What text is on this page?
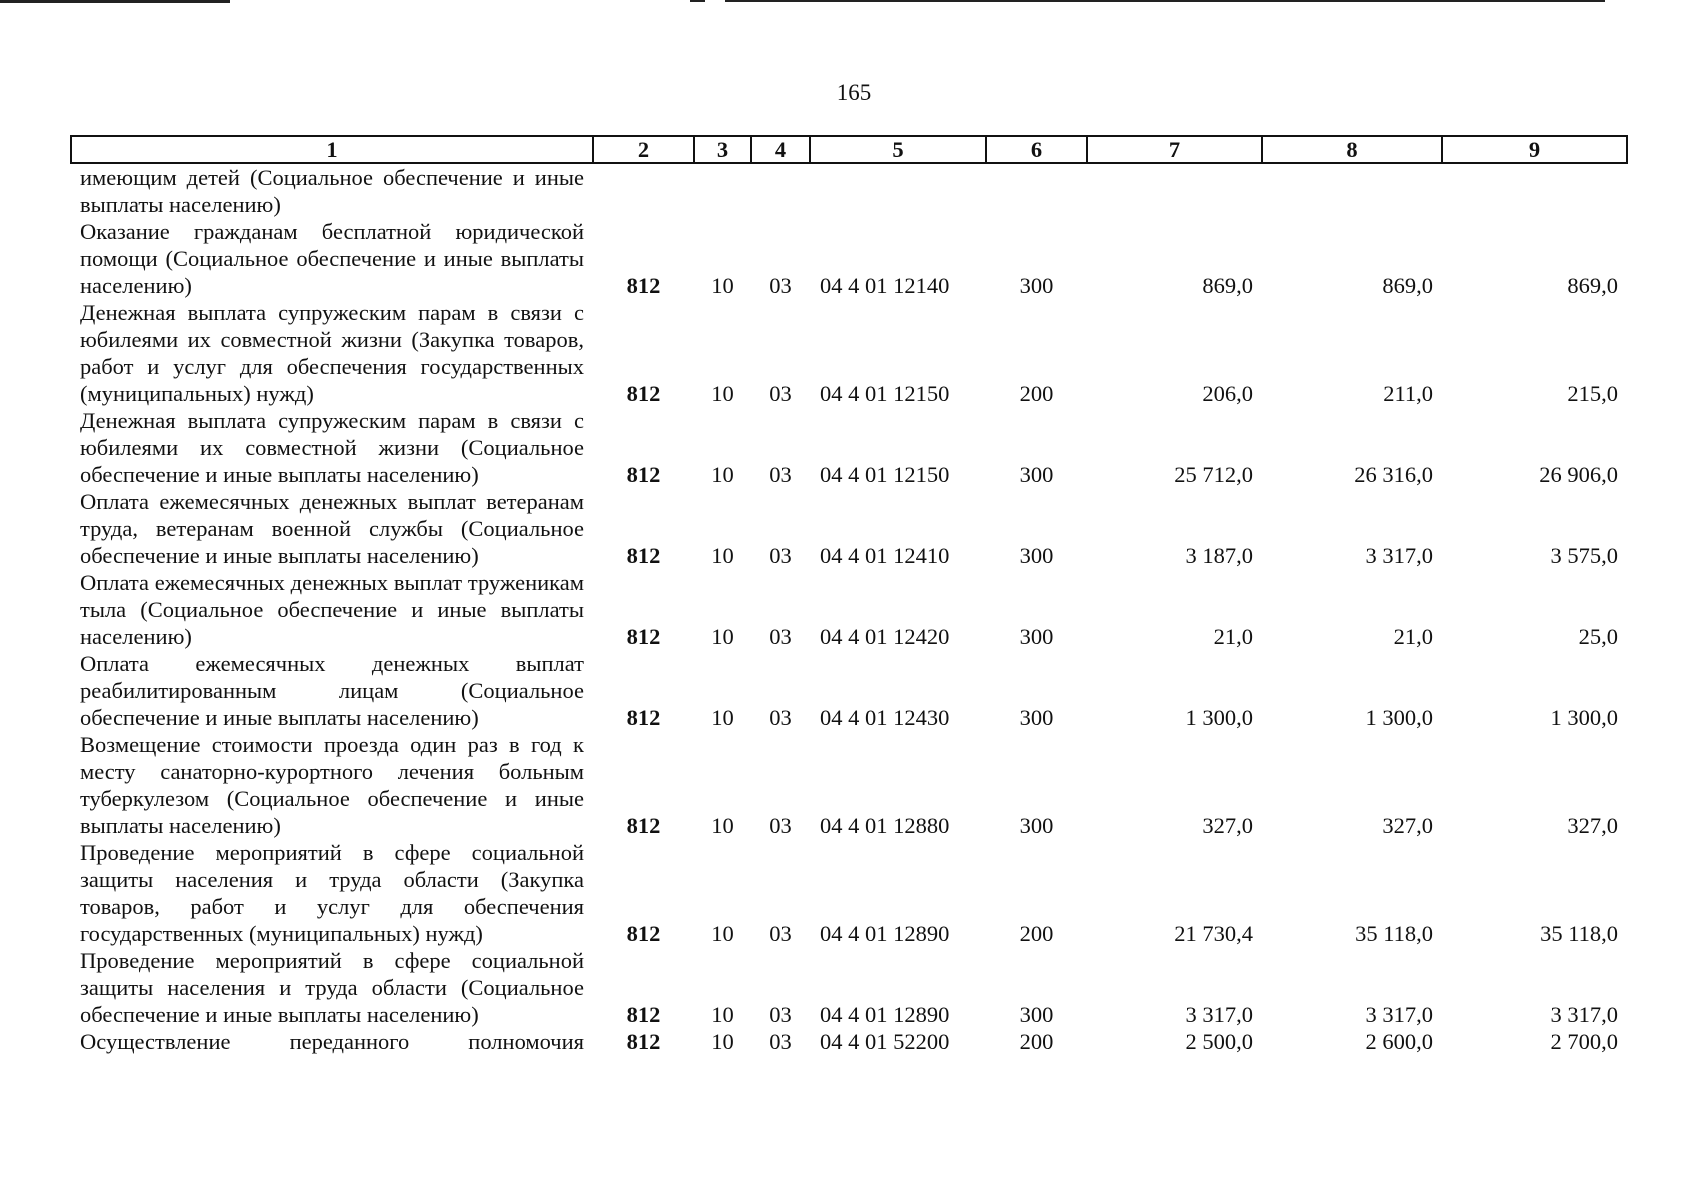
165
1	2	3	4	5	6	7	8	9
имеющим детей (Социальное обеспечение и иные выплаты населению)								
Оказание гражданам бесплатной юридической помощи (Социальное обеспечение и иные выплаты населению)	812	10	03	04 4 01 12140	300	869,0	869,0	869,0
Денежная выплата супружеским парам в связи с юбилеями их совместной жизни (Закупка товаров, работ и услуг для обеспечения государственных (муниципальных) нужд)	812	10	03	04 4 01 12150	200	206,0	211,0	215,0
Денежная выплата супружеским парам в связи с юбилеями их совместной жизни (Социальное обеспечение и иные выплаты населению)	812	10	03	04 4 01 12150	300	25 712,0	26 316,0	26 906,0
Оплата ежемесячных денежных выплат ветеранам труда, ветеранам военной службы (Социальное обеспечение и иные выплаты населению)	812	10	03	04 4 01 12410	300	3 187,0	3 317,0	3 575,0
Оплата ежемесячных денежных выплат труженикам тыла (Социальное обеспечение и иные выплаты населению)	812	10	03	04 4 01 12420	300	21,0	21,0	25,0
Оплата ежемесячных денежных выплат реабилитированным лицам (Социальное обеспечение и иные выплаты населению)	812	10	03	04 4 01 12430	300	1 300,0	1 300,0	1 300,0
Возмещение стоимости проезда один раз в год к месту санаторно-курортного лечения больным туберкулезом (Социальное обеспечение и иные выплаты населению)	812	10	03	04 4 01 12880	300	327,0	327,0	327,0
Проведение мероприятий в сфере социальной защиты населения и труда области (Закупка товаров, работ и услуг для обеспечения государственных (муниципальных) нужд)	812	10	03	04 4 01 12890	200	21 730,4	35 118,0	35 118,0
Проведение мероприятий в сфере социальной защиты населения и труда области (Социальное обеспечение и иные выплаты населению)	812	10	03	04 4 01 12890	300	3 317,0	3 317,0	3 317,0
Осуществление переданного полномочия	812	10	03	04 4 01 52200	200	2 500,0	2 600,0	2 700,0
